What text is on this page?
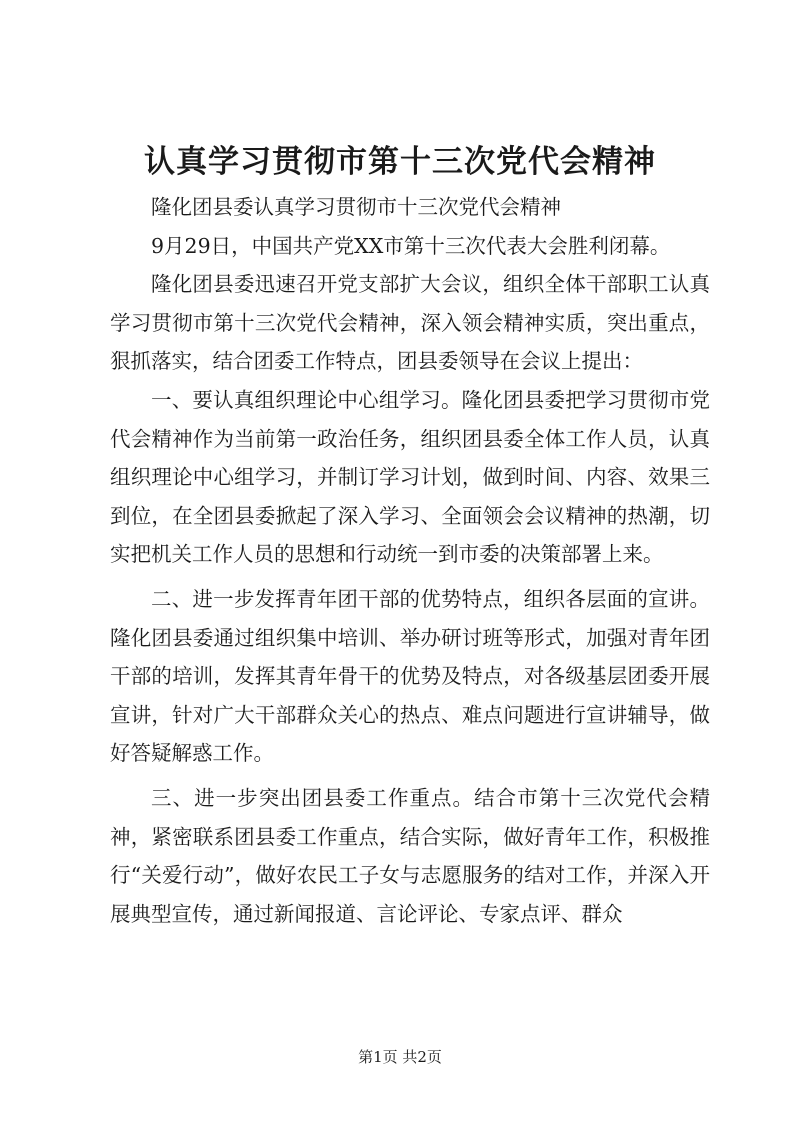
认真学习贯彻市第十三次党代会精神

隆化团县委认真学习贯彻市十三次党代会精神

9月29日，中国共产党XX市第十三次代表大会胜利闭幕。

隆化团县委迅速召开党支部扩大会议，组织全体干部职工认真学习贯彻市第十三次党代会精神，深入领会精神实质，突出重点，狠抓落实，结合团委工作特点，团县委领导在会议上提出：

一、要认真组织理论中心组学习。隆化团县委把学习贯彻市党代会精神作为当前第一政治任务，组织团县委全体工作人员，认真组织理论中心组学习，并制订学习计划，做到时间、内容、效果三到位，在全团县委掀起了深入学习、全面领会会议精神的热潮，切实把机关工作人员的思想和行动统一到市委的决策部署上来。

二、进一步发挥青年团干部的优势特点，组织各层面的宣讲。隆化团县委通过组织集中培训、举办研讨班等形式，加强对青年团干部的培训，发挥其青年骨干的优势及特点，对各级基层团委开展宣讲，针对广大干部群众关心的热点、难点问题进行宣讲辅导，做好答疑解惑工作。

三、进一步突出团县委工作重点。结合市第十三次党代会精神，紧密联系团县委工作重点，结合实际，做好青年工作，积极推行“关爱行动”，做好农民工子女与志愿服务的结对工作，并深入开展典型宣传，通过新闻报道、言论评论、专家点评、群众

第1页 共2页
